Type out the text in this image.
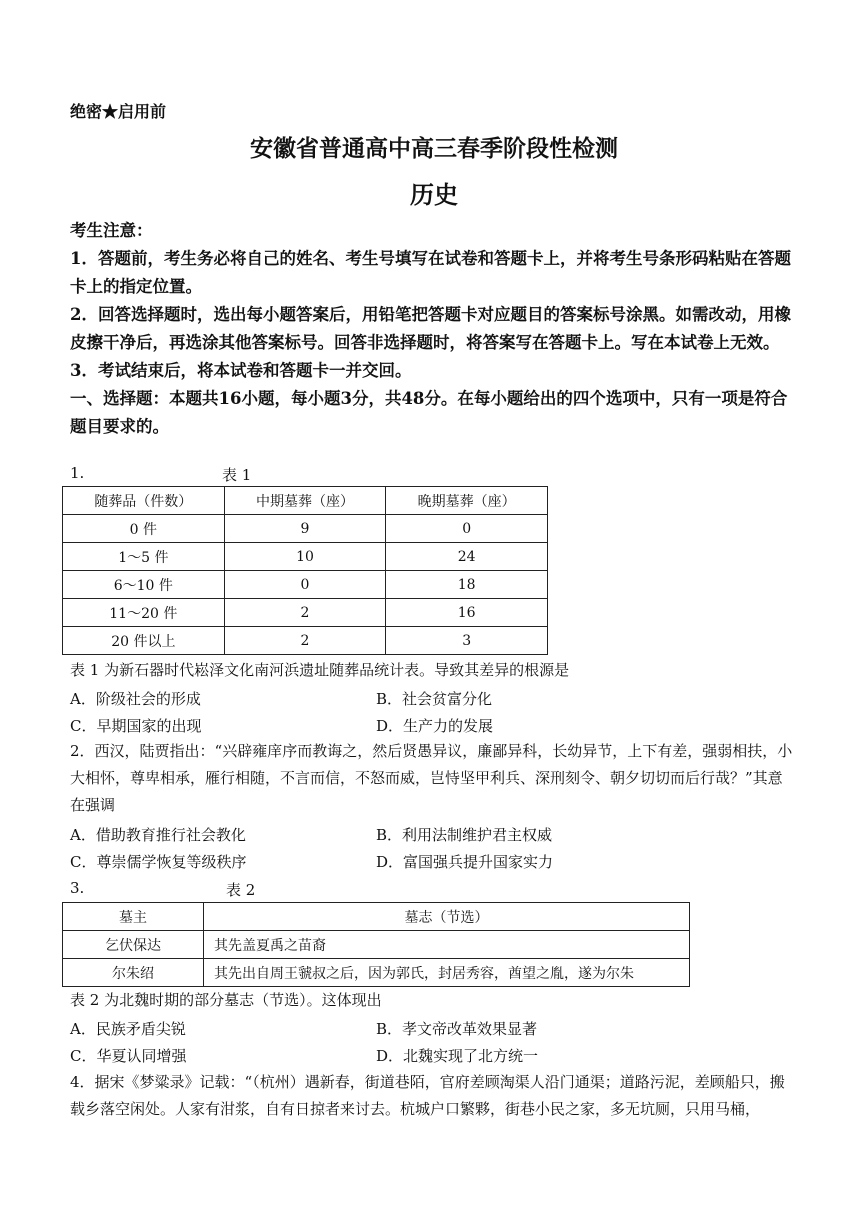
绝密★启用前
安徽省普通高中高三春季阶段性检测
历史

考生注意：

1．答题前，考生务必将自己的姓名、考生号填写在试卷和答题卡上，并将考生号条形码粘贴在答题卡上的指定位置。

2．回答选择题时，选出每小题答案后，用铅笔把答题卡对应题目的答案标号涂黑。如需改动，用橡皮擦干净后，再选涂其他答案标号。回答非选择题时，将答案写在答题卡上。写在本试卷上无效。

3．考试结束后，将本试卷和答题卡一并交回。

一、选择题：本题共16小题，每小题3分，共48分。在每小题给出的四个选项中，只有一项是符合题目要求的。

1.	表 1
随葬品（件数）	中期墓葬（座）	晚期墓葬（座）
0 件	9	0
1～5 件	10	24
6～10 件	0	18
11～20 件	2	16
20 件以上	2	3
表 1 为新石器时代崧泽文化南河浜遗址随葬品统计表。导致其差异的根源是
A．阶级社会的形成	B．社会贫富分化
C．早期国家的出现	D．生产力的发展
2．西汉，陆贾指出：“兴辟雍庠序而教诲之，然后贤愚异议，廉鄙异科，长幼异节，上下有差，强弱相扶，小大相怀，尊卑相承，雁行相随，不言而信，不怒而威，岂恃坚甲利兵、深刑刻令、朝夕切切而后行哉？”其意在强调
A．借助教育推行社会教化	B．利用法制维护君主权威
C．尊崇儒学恢复等级秩序	D．富国强兵提升国家实力
3.	表 2
墓主	墓志（节选）
乞伏保达	其先盖夏禹之苗裔
尔朱绍	其先出自周王虢叔之后，因为郭氏，封居秀容，酋望之胤，遂为尔朱
表 2 为北魏时期的部分墓志（节选）。这体现出
A．民族矛盾尖锐	B．孝文帝改革效果显著
C．华夏认同增强	D．北魏实现了北方统一
4．据宋《梦粱录》记载：“（杭州）遇新春，街道巷陌，官府差顾淘渠人沿门通渠；道路污泥，差顾船只，搬载乡落空闲处。人家有泔浆，自有日掠者来讨去。杭城户口繁夥，街巷小民之家，多无坑厕，只用马桶，
